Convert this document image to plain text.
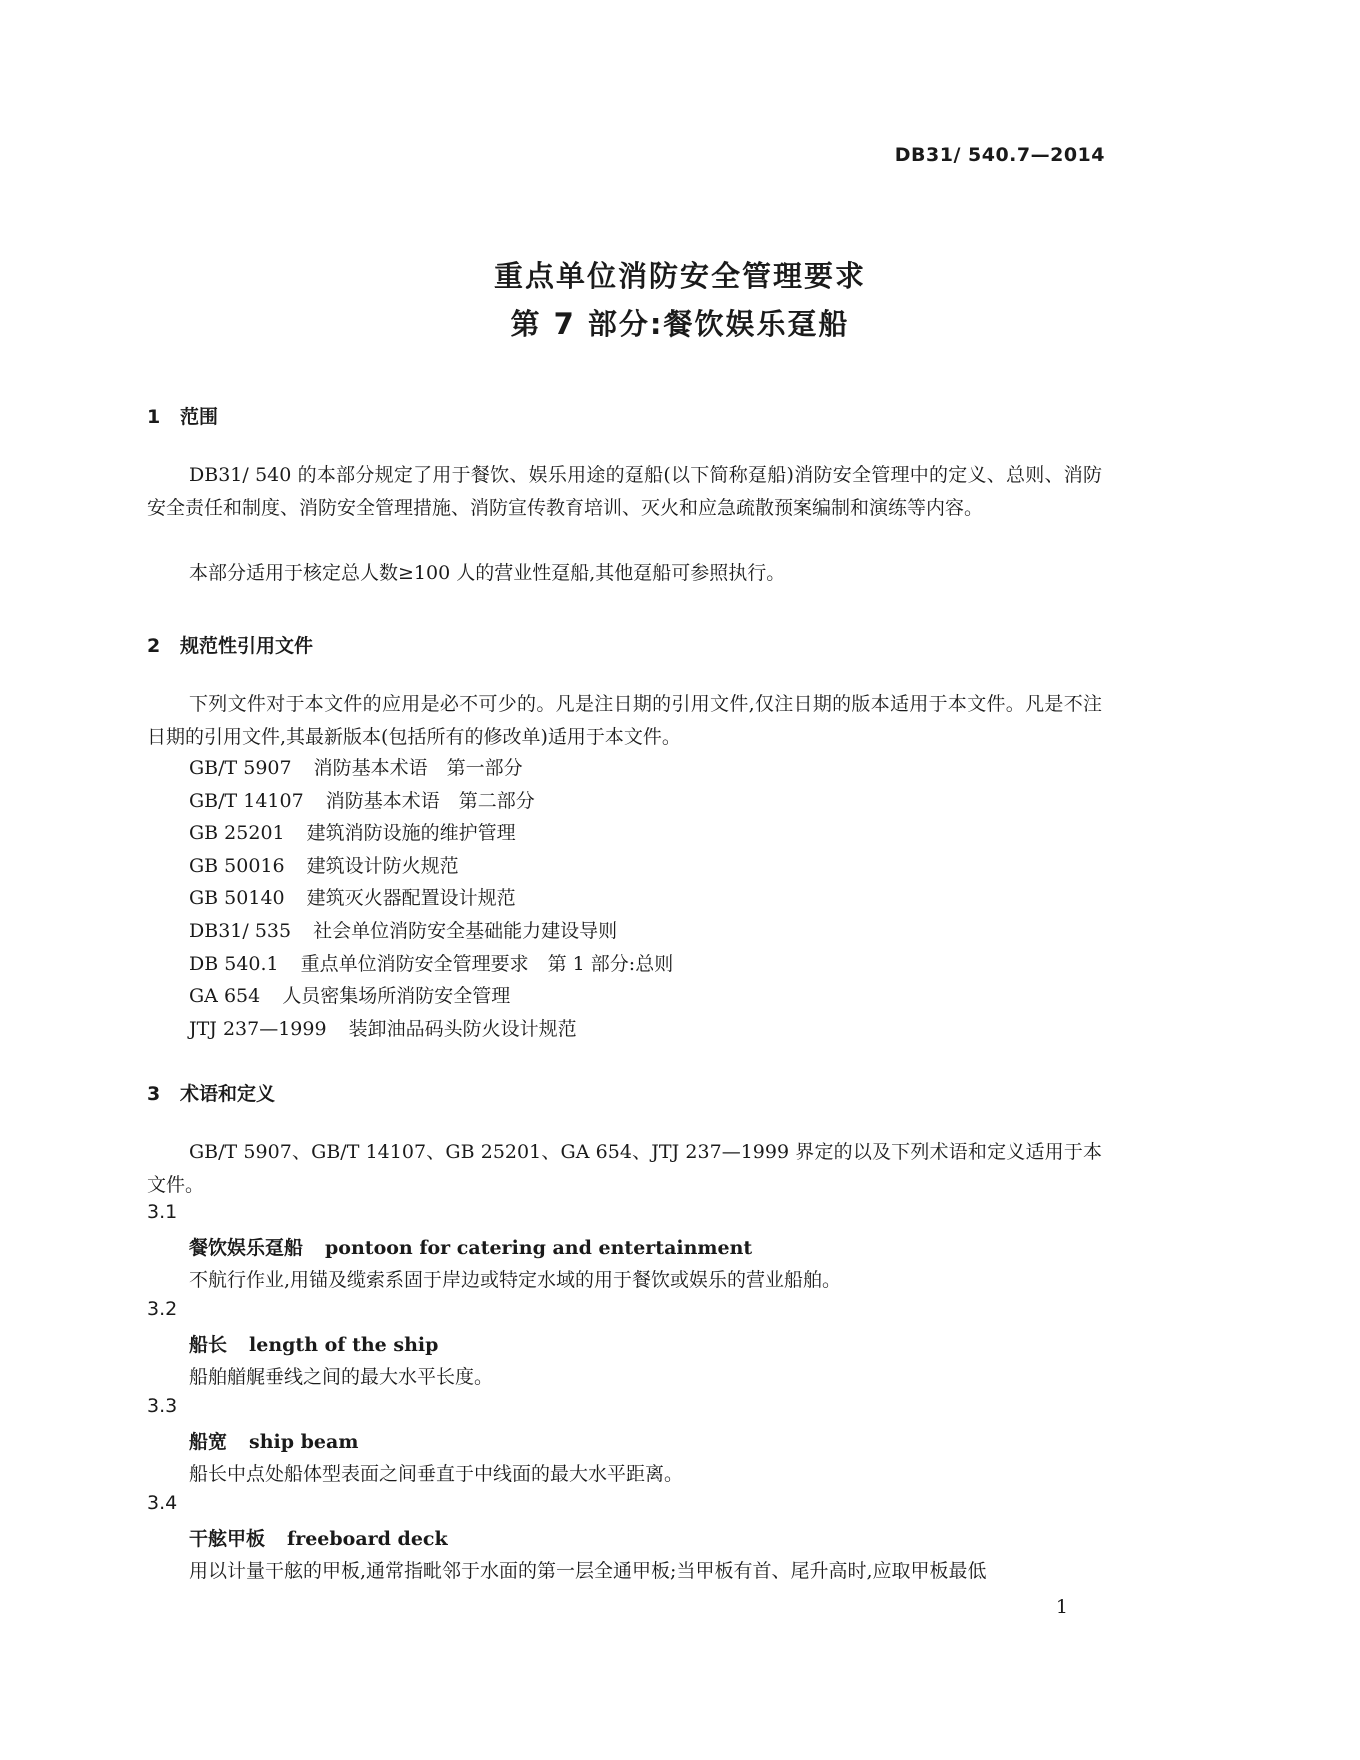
DB31/ 540.7—2014
重点单位消防安全管理要求
第 7 部分:餐饮娱乐趸船
1 范围
DB31/ 540 的本部分规定了用于餐饮、娱乐用途的趸船(以下简称趸船)消防安全管理中的定义、总则、消防安全责任和制度、消防安全管理措施、消防宣传教育培训、灭火和应急疏散预案编制和演练等内容。
本部分适用于核定总人数≥100 人的营业性趸船,其他趸船可参照执行。
2 规范性引用文件
下列文件对于本文件的应用是必不可少的。凡是注日期的引用文件,仅注日期的版本适用于本文件。凡是不注日期的引用文件,其最新版本(包括所有的修改单)适用于本文件。
GB/T 5907 消防基本术语　第一部分
GB/T 14107 消防基本术语　第二部分
GB 25201 建筑消防设施的维护管理
GB 50016 建筑设计防火规范
GB 50140 建筑灭火器配置设计规范
DB31/ 535 社会单位消防安全基础能力建设导则
DB 540.1 重点单位消防安全管理要求　第 1 部分:总则
GA 654 人员密集场所消防安全管理
JTJ 237—1999 装卸油品码头防火设计规范
3 术语和定义
GB/T 5907、GB/T 14107、GB 25201、GA 654、JTJ 237—1999 界定的以及下列术语和定义适用于本文件。
3.1
餐饮娱乐趸船 pontoon for catering and entertainment
不航行作业,用锚及缆索系固于岸边或特定水域的用于餐饮或娱乐的营业船舶。
3.2
船长 length of the ship
船舶艏艉垂线之间的最大水平长度。
3.3
船宽 ship beam
船长中点处船体型表面之间垂直于中线面的最大水平距离。
3.4
干舷甲板 freeboard deck
用以计量干舷的甲板,通常指毗邻于水面的第一层全通甲板;当甲板有首、尾升高时,应取甲板最低
1
